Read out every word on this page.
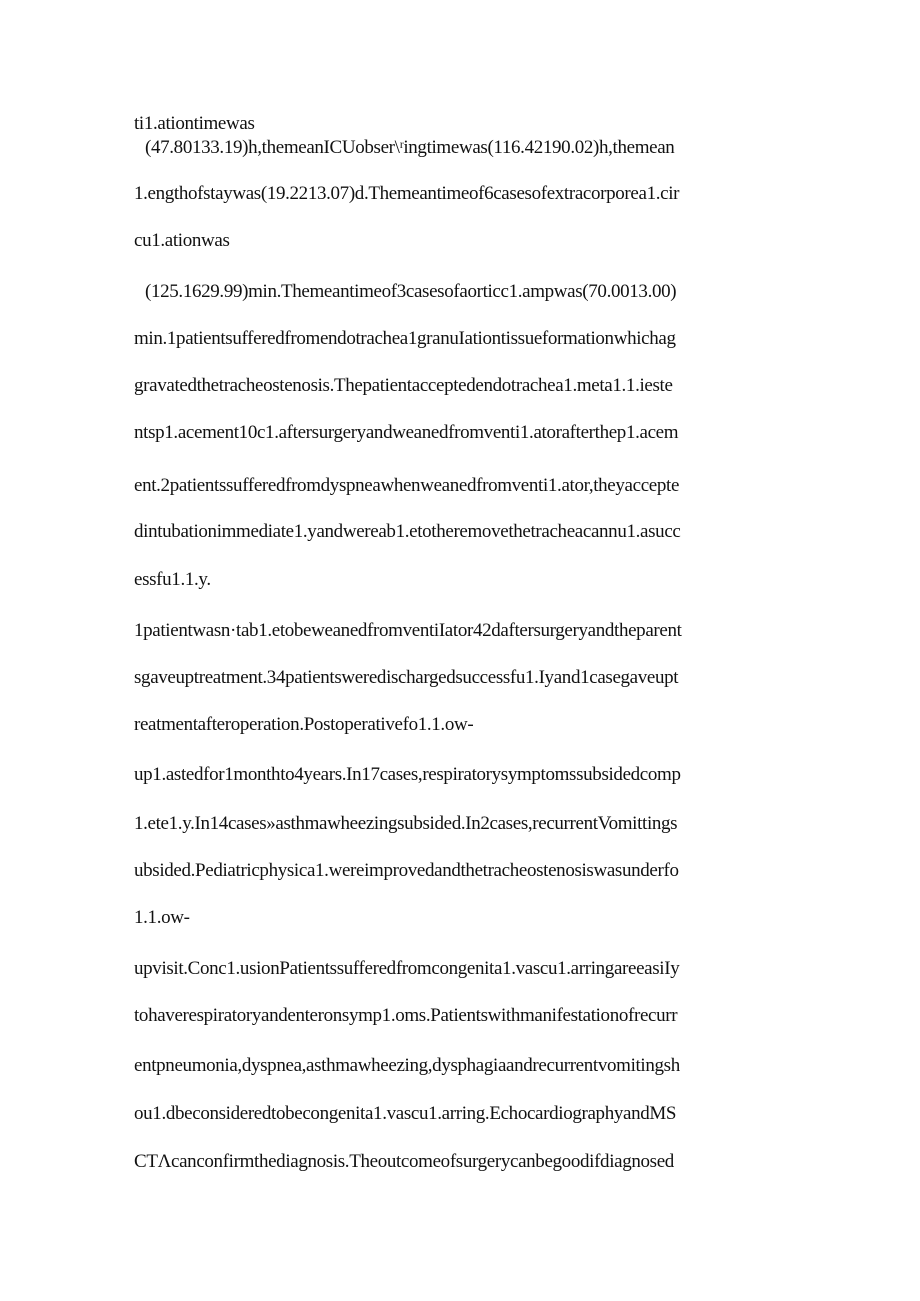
ti1.ationtimewas
(47.80133.19)h,themeanICUobser\ʳingtimewas(116.42190.02)h,themean
1.engthofstaywas(19.2213.07)d.Themeantimeof6casesofextracorporea1.cir
cu1.ationwas
(125.1629.99)min.Themeantimeof3casesofaorticc1.ampwas(70.0013.00)
min.1patientsufferedfromendotrachea1granuIationtissueformationwhichag
gravatedthetracheostenosis.Thepatientacceptedendotrachea1.meta1.1.ieste
ntsp1.acement10c1.aftersurgeryandweanedfromventi1.atorafterthep1.acem
ent.2patientssufferedfromdyspneawhenweanedfromventi1.ator,theyaccepte
dintubationimmediate1.yandwereab1.etotheremovethetracheacannu1.asucc
essfu1.1.y.
1patientwasn·tab1.etobeweanedfromventiIator42daftersurgeryandtheparent
sgaveuptreatment.34patientsweredischargedsuccessfu1.Iyand1casegaveupt
reatmentafteroperation.Postoperativefo1.1.ow-
up1.astedfor1monthto4years.In17cases,respiratorysymptomssubsidedcomp
1.ete1.y.In14cases»asthmawheezingsubsided.In2cases,recurrentVomittings
ubsided.Pediatricphysica1.wereimprovedandthetracheostenosiswasunderfo
1.1.ow-
upvisit.Conc1.usionPatientssufferedfromcongenita1.vascu1.arringareeasiIy
tohaverespiratoryandenteronsymp1.oms.Patientswithmanifestationofrecurr
entpneumonia,dyspnea,asthmawheezing,dysphagiaandrecurrentvomitingsh
ou1.dbeconsideredtobecongenita1.vascu1.arring.EchocardiographyandMS
CTΛcanconfirmthediagnosis.Theoutcomeofsurgerycanbegoodifdiagnosed
